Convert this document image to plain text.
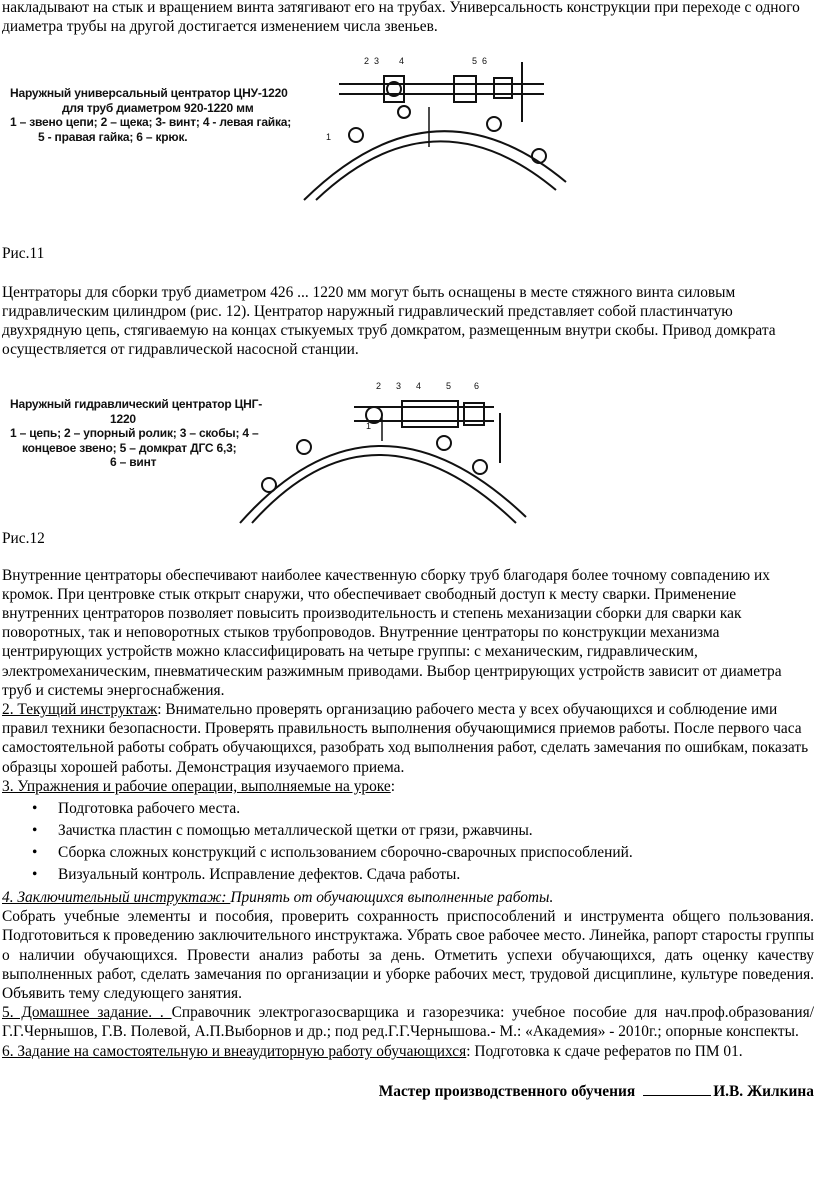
накладывают на стык и вращением винта затягивают его на трубах. Универсальность конструкции при переходе с одного диаметра трубы на другой достигается изменением числа звеньев.

Наружный универсальный центратор ЦНУ-1220
для труб диаметром 920-1220 мм
1 – звено цепи; 2 – щека; 3- винт; 4 - левая гайка;
5 - правая гайка; 6 – крюк.
2 3 4	5 6
1

Рис.11

Центраторы для сборки труб диаметром 426 ... 1220 мм могут быть оснащены в месте стяжного винта силовым гидравлическим цилиндром (рис. 12). Центратор наружный гидравлический представляет собой пластинчатую двухрядную цепь, стягиваемую на концах стыкуемых труб домкратом, размещенным внутри скобы. Привод домкрата осуществляется от гидравлической насосной станции.

Наружный гидравлический центратор ЦНГ-
1220
1 – цепь; 2 – упорный ролик; 3 – скобы; 4 –
концевое звено; 5 – домкрат ДГС 6,3;
6 – винт
2 3 4	5	6
1

Рис.12

Внутренние центраторы обеспечивают наиболее качественную сборку труб благодаря более точному совпадению их кромок. При центровке стык открыт снаружи, что обеспечивает свободный доступ к месту сварки. Применение внутренних центраторов позволяет повысить производительность и степень механизации сборки для сварки как поворотных, так и неповоротных стыков трубопроводов. Внутренние центраторы по конструкции механизма центрирующих устройств можно классифицировать на четыре группы: с механическим, гидравлическим, электромеханическим, пневматическим разжимным приводами. Выбор центрирующих устройств зависит от диаметра труб и системы энергоснабжения.

2. Текущий инструктаж: Внимательно проверять организацию рабочего места у всех обучающихся и соблюдение ими правил техники безопасности. Проверять правильность выполнения обучающимися приемов работы. После первого часа самостоятельной работы собрать обучающихся, разобрать ход выполнения работ, сделать замечания по ошибкам, показать образцы хорошей работы. Демонстрация изучаемого приема.

3. Упражнения и рабочие операции, выполняемые на уроке:

• Подготовка рабочего места.
• Зачистка пластин с помощью металлической щетки от грязи, ржавчины.
• Сборка сложных конструкций с использованием сборочно-сварочных приспособлений.
• Визуальный контроль. Исправление дефектов. Сдача работы.

4. Заключительный инструктаж: Принять от обучающихся выполненные работы.

Собрать учебные элементы и пособия, проверить сохранность приспособлений и инструмента общего пользования. Подготовиться к проведению заключительного инструктажа. Убрать свое рабочее место. Линейка, рапорт старосты группы о наличии обучающихся. Провести анализ работы за день. Отметить успехи обучающихся, дать оценку качеству выполненных работ, сделать замечания по организации и уборке рабочих мест, трудовой дисциплине, культуре поведения. Объявить тему следующего занятия.

5. Домашнее задание. . Справочник электрогазосварщика и газорезчика: учебное пособие для нач.проф.образования/ Г.Г.Чернышов, Г.В. Полевой, А.П.Выборнов и др.; под ред.Г.Г.Чернышова.- М.: «Академия» - 2010г.; опорные конспекты.

6. Задание на самостоятельную и внеаудиторную работу обучающихся: Подготовка к сдаче рефератов по ПМ 01.

Мастер производственного обучения	И.В. Жилкина
